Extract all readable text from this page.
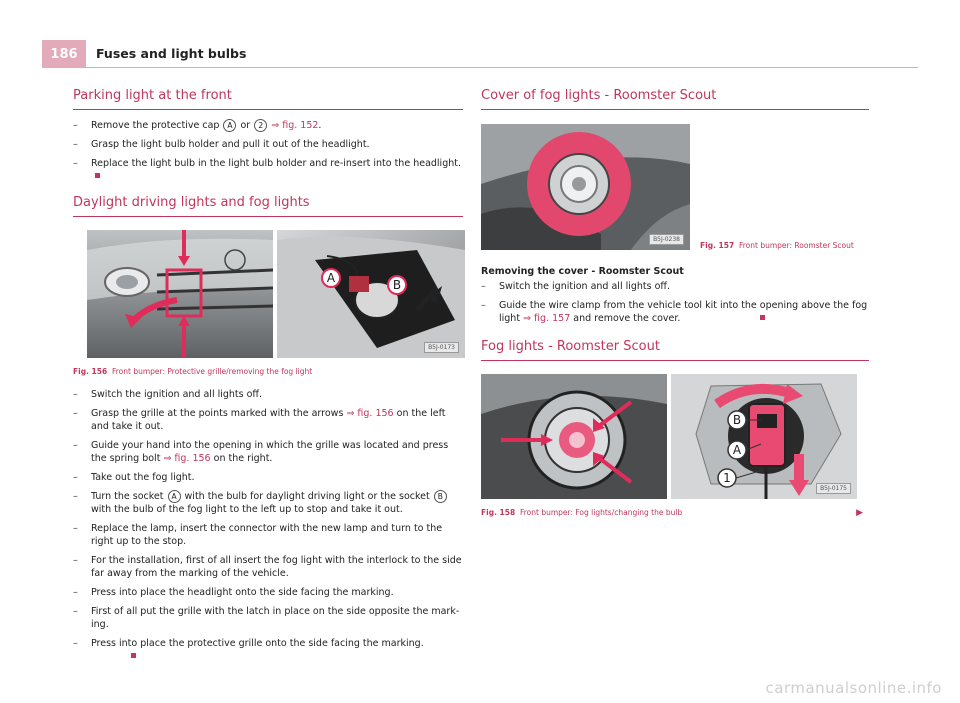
186	Fuses and light bulbs
Parking light at the front
– Remove the protective cap A or 2 ⇒ fig. 152.
– Grasp the light bulb holder and pull it out of the headlight.
– Replace the light bulb in the light bulb holder and re-insert into the headlight.
Daylight driving lights and fog lights
A	B
B5J-0173

Fig. 156 Front bumper: Protective grille/removing the fog light

– Switch the ignition and all lights off.
– Grasp the grille at the points marked with the arrows ⇒ fig. 156 on the left and take it out.
– Guide your hand into the opening in which the grille was located and press the spring bolt ⇒ fig. 156 on the right.
– Take out the fog light.
– Turn the socket A with the bulb for daylight driving light or the socket B with the bulb of the fog light to the left up to stop and take it out.
– Replace the lamp, insert the connector with the new lamp and turn to the right up to the stop.
– For the installation, first of all insert the fog light with the interlock to the side far away from the marking of the vehicle.
– Press into place the headlight onto the side facing the marking.
– First of all put the grille with the latch in place on the side opposite the mark-ing.
– Press into place the protective grille onto the side facing the marking.
Cover of fog lights - Roomster Scout
B5J-0238

Fig. 157 Front bumper: Roomster Scout

Removing the cover - Roomster Scout

– Switch the ignition and all lights off.
– Guide the wire clamp from the vehicle tool kit into the opening above the fog light ⇒ fig. 157 and remove the cover.
Fog lights - Roomster Scout
B
A
1
B5J-0175

Fig. 158 Front bumper: Fog lights/changing the bulb	▶
carmanualsonline.info
